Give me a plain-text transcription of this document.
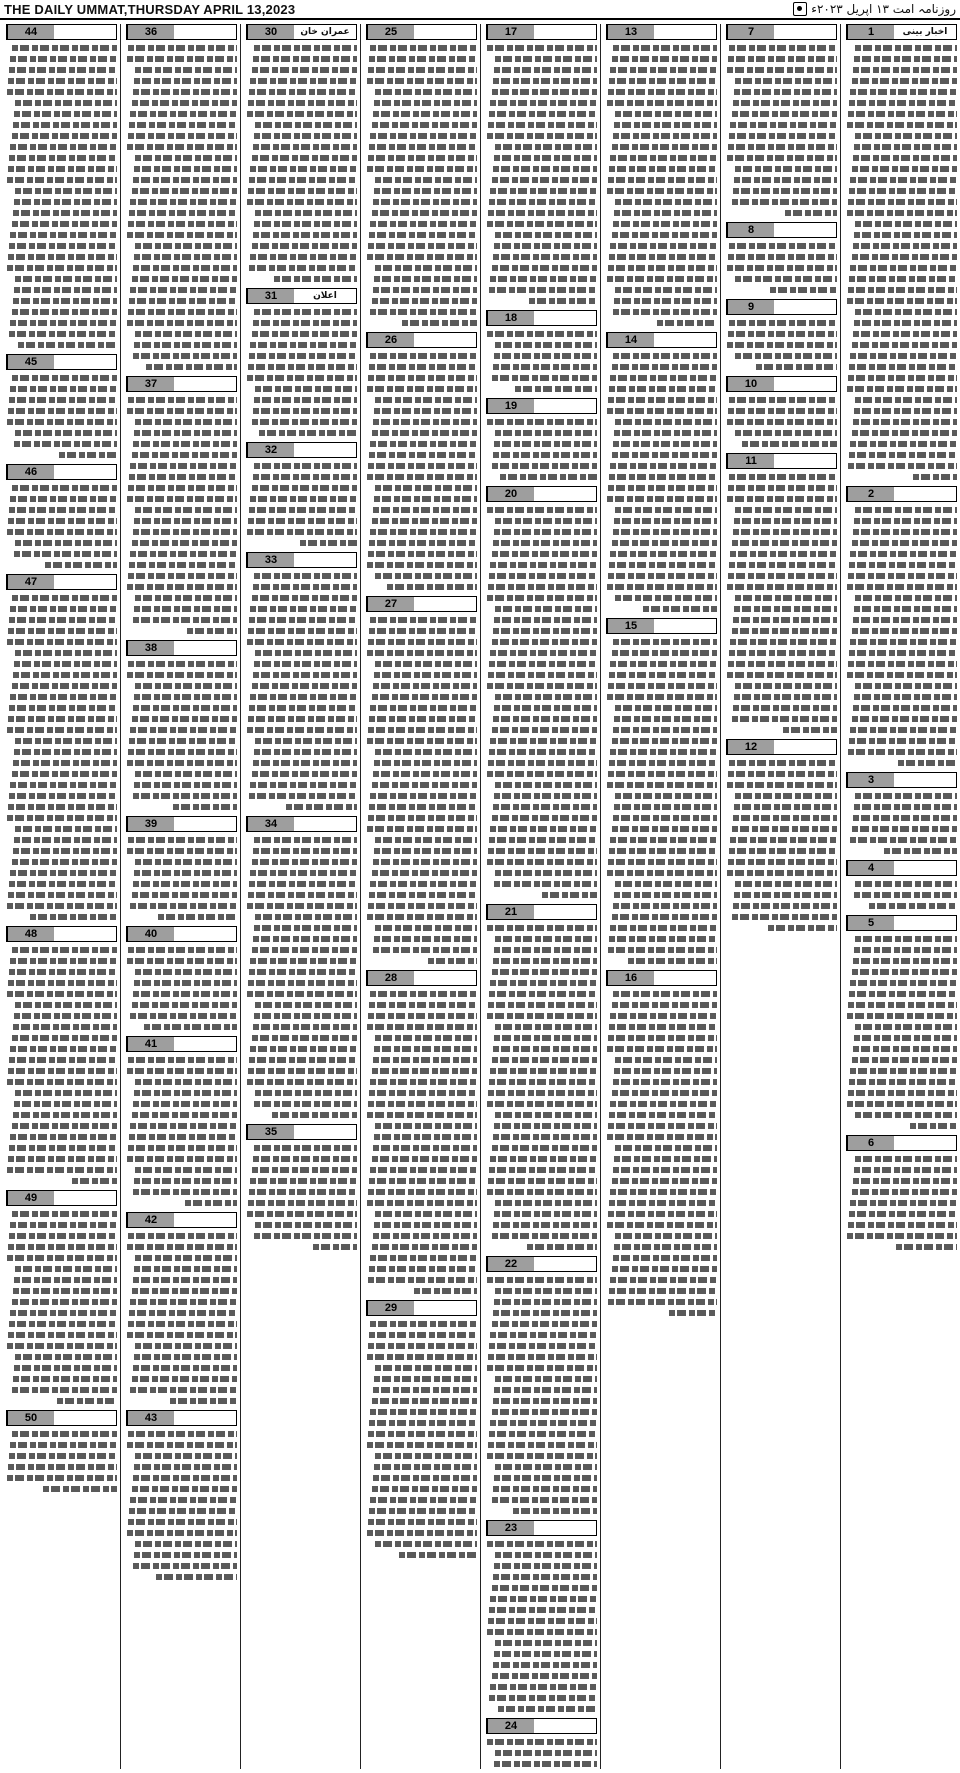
THE DAILY UMMAT,THURSDAY APRIL 13,2023	روزنامہ امت ۱۳ اپریل ۲۰۲۳ء
اخبار بینی
1
2
3
4
5
6
7
8
9
10
11
12
13
14
15
16
17
18
19
20
21
22
23
24
25
26
27
28
29
عمران خان
30
اعلان
31
32
33
34
35
36
37
38
39
40
41
42
43
44
45
46
47
48
49
50
